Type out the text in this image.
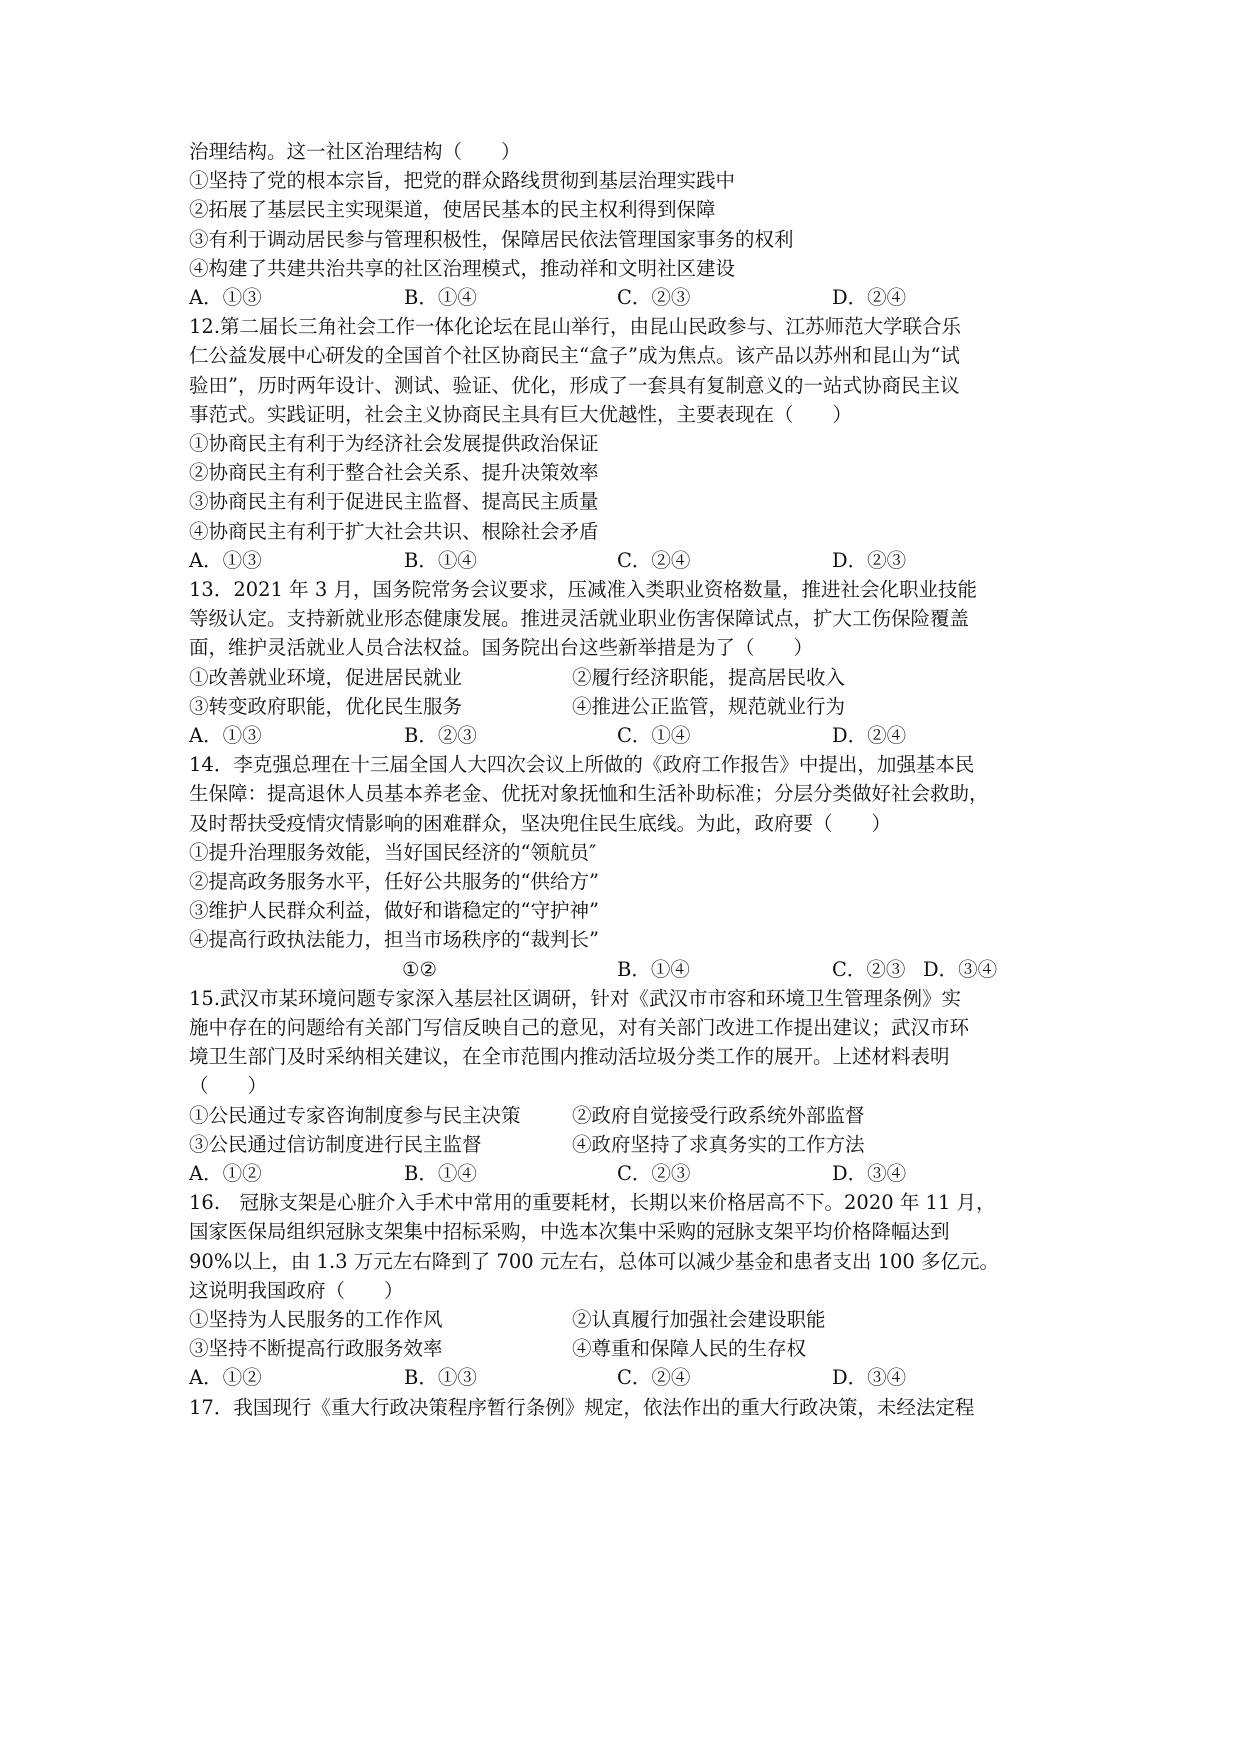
治理结构。这一社区治理结构（　　）
①坚持了党的根本宗旨，把党的群众路线贯彻到基层治理实践中
②拓展了基层民主实现渠道，使居民基本的民主权利得到保障
③有利于调动居民参与管理积极性，保障居民依法管理国家事务的权利
④构建了共建共治共享的社区治理模式，推动祥和文明社区建设
A．①③	B．①④	C．②③	D．②④
12.第二届长三角社会工作一体化论坛在昆山举行，由昆山民政参与、江苏师范大学联合乐
仁公益发展中心研发的全国首个社区协商民主“盒子”成为焦点。该产品以苏州和昆山为“试
验田”，历时两年设计、测试、验证、优化，形成了一套具有复制意义的一站式协商民主议
事范式。实践证明，社会主义协商民主具有巨大优越性，主要表现在（　　）
①协商民主有利于为经济社会发展提供政治保证
②协商民主有利于整合社会关系、提升决策效率
③协商民主有利于促进民主监督、提高民主质量
④协商民主有利于扩大社会共识、根除社会矛盾
A．①③	B．①④	C．②④	D．②③
13．2021 年 3 月，国务院常务会议要求，压减准入类职业资格数量，推进社会化职业技能
等级认定。支持新就业形态健康发展。推进灵活就业职业伤害保障试点，扩大工伤保险覆盖
面，维护灵活就业人员合法权益。国务院出台这些新举措是为了（　　）
①改善就业环境，促进居民就业	②履行经济职能，提高居民收入
③转变政府职能，优化民生服务	④推进公正监管，规范就业行为
A．①③	B．②③	C．①④	D．②④
14．李克强总理在十三届全国人大四次会议上所做的《政府工作报告》中提出，加强基本民
生保障：提高退休人员基本养老金、优抚对象抚恤和生活补助标准；分层分类做好社会救助，
及时帮扶受疫情灾情影响的困难群众，坚决兜住民生底线。为此，政府要（　　）
①提升治理服务效能，当好国民经济的“领航员″
②提高政务服务水平，任好公共服务的“供给方”
③维护人民群众利益，做好和谐稳定的“守护神”
④提高行政执法能力，担当市场秩序的“裁判长”
①②	B．①④	C．②③ D．③④
15.武汉市某环境问题专家深入基层社区调研，针对《武汉市市容和环境卫生管理条例》实
施中存在的问题给有关部门写信反映自己的意见，对有关部门改进工作提出建议；武汉市环
境卫生部门及时采纳相关建议，在全市范围内推动活垃圾分类工作的展开。上述材料表明
（　　）
①公民通过专家咨询制度参与民主决策	②政府自觉接受行政系统外部监督
③公民通过信访制度进行民主监督	④政府坚持了求真务实的工作方法
A．①②	B．①④	C．②③	D．③④
16.　冠脉支架是心脏介入手术中常用的重要耗材，长期以来价格居高不下。2020 年 11 月，
国家医保局组织冠脉支架集中招标采购，中选本次集中采购的冠脉支架平均价格降幅达到
90%以上，由 1.3 万元左右降到了 700 元左右，总体可以减少基金和患者支出 100 多亿元。
这说明我国政府（　　）
①坚持为人民服务的工作作风	②认真履行加强社会建设职能
③坚持不断提高行政服务效率	④尊重和保障人民的生存权
A．①②	B．①③	C．②④	D．③④
17．我国现行《重大行政决策程序暂行条例》规定，依法作出的重大行政决策，未经法定程
